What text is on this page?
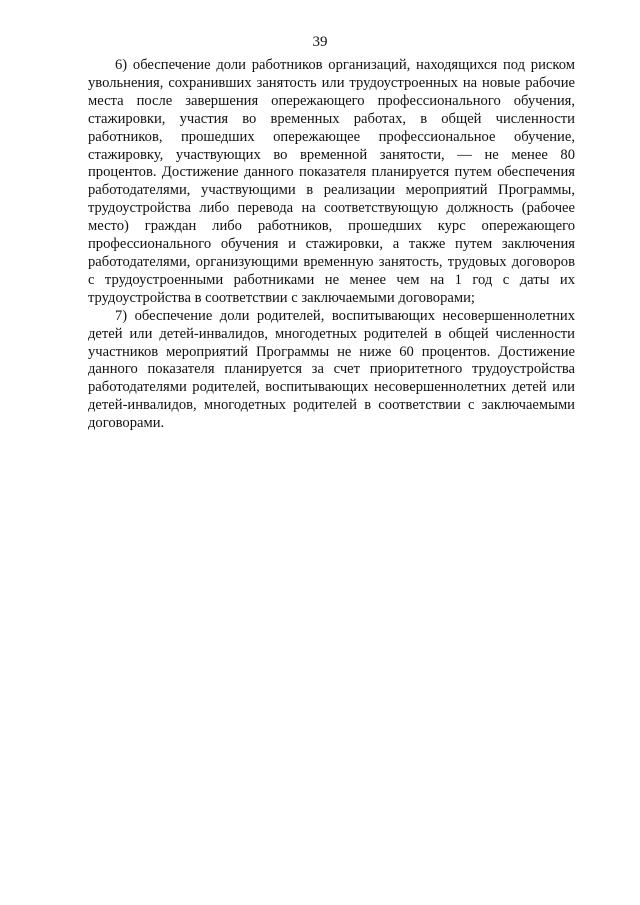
39

6) обеспечение доли работников организаций, находящихся под риском увольнения, сохранивших занятость или трудоустроенных на новые рабочие места после завершения опережающего профессионального обучения, стажировки, участия во временных работах, в общей численности работников, прошедших опережающее профессиональное обучение, стажировку, участвующих во временной занятости, — не менее 80 процентов. Достижение данного показателя планируется путем обеспечения работодателями, участвующими в реализации мероприятий Программы, трудоустройства либо перевода на соответствующую должность (рабочее место) граждан либо работников, прошедших курс опережающего профессионального обучения и стажировки, а также путем заключения работодателями, организующими временную занятость, трудовых договоров с трудоустроенными работниками не менее чем на 1 год с даты их трудоустройства в соответствии с заключаемыми договорами;

7) обеспечение доли родителей, воспитывающих несовершеннолетних детей или детей-инвалидов, многодетных родителей в общей численности участников мероприятий Программы не ниже 60 процентов. Достижение данного показателя планируется за счет приоритетного трудоустройства работодателями родителей, воспитывающих несовершеннолетних детей или детей-инвалидов, многодетных родителей в соответствии с заключаемыми договорами.
